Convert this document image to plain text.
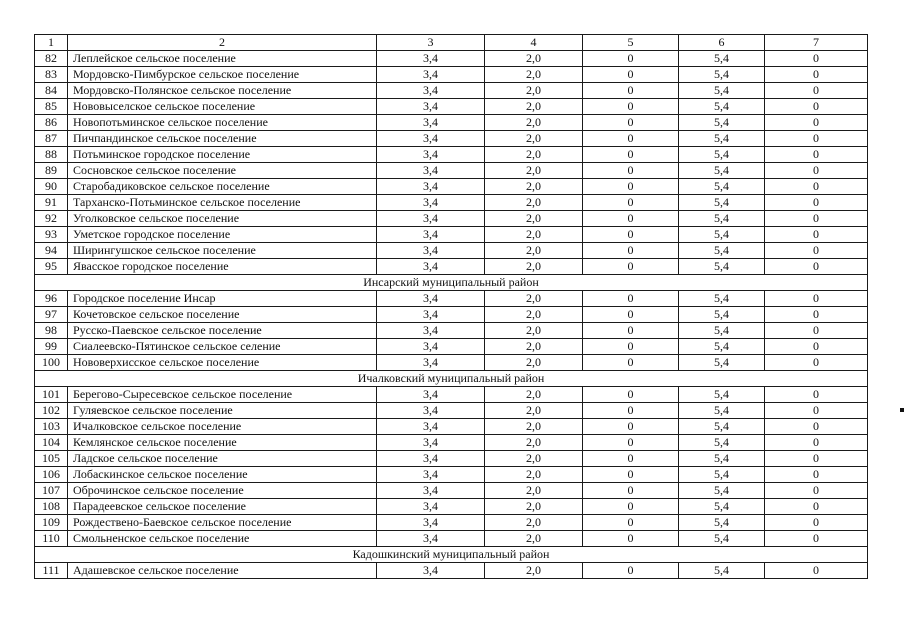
1	2	3	4	5	6	7
82	Леплейское сельское поселение	3,4	2,0	0	5,4	0
83	Мордовско-Пимбурское сельское поселение	3,4	2,0	0	5,4	0
84	Мордовско-Полянское сельское поселение	3,4	2,0	0	5,4	0
85	Нововыселское сельское поселение	3,4	2,0	0	5,4	0
86	Новопотьминское сельское поселение	3,4	2,0	0	5,4	0
87	Пичпандинское сельское поселение	3,4	2,0	0	5,4	0
88	Потьминское городское поселение	3,4	2,0	0	5,4	0
89	Сосновское сельское поселение	3,4	2,0	0	5,4	0
90	Старобадиковское сельское поселение	3,4	2,0	0	5,4	0
91	Тарханско-Потьминское сельское поселение	3,4	2,0	0	5,4	0
92	Уголковское сельское поселение	3,4	2,0	0	5,4	0
93	Уметское городское поселение	3,4	2,0	0	5,4	0
94	Ширингушское сельское поселение	3,4	2,0	0	5,4	0
95	Явасское городское поселение	3,4	2,0	0	5,4	0
Инсарский муниципальный район						
96	Городское поселение Инсар	3,4	2,0	0	5,4	0
97	Кочетовское сельское поселение	3,4	2,0	0	5,4	0
98	Русско-Паевское сельское поселение	3,4	2,0	0	5,4	0
99	Сиалеевско-Пятинское сельское селение	3,4	2,0	0	5,4	0
100	Нововерхисское сельское поселение	3,4	2,0	0	5,4	0
Ичалковский муниципальный район						
101	Берегово-Сыресевское сельское поселение	3,4	2,0	0	5,4	0
102	Гуляевское сельское поселение	3,4	2,0	0	5,4	0
103	Ичалковское сельское поселение	3,4	2,0	0	5,4	0
104	Кемлянское сельское поселение	3,4	2,0	0	5,4	0
105	Ладское сельское поселение	3,4	2,0	0	5,4	0
106	Лобаскинское сельское поселение	3,4	2,0	0	5,4	0
107	Оброчинское сельское поселение	3,4	2,0	0	5,4	0
108	Парадеевское сельское поселение	3,4	2,0	0	5,4	0
109	Рождествено-Баевское сельское поселение	3,4	2,0	0	5,4	0
110	Смольненское сельское поселение	3,4	2,0	0	5,4	0
Кадошкинский муниципальный район						
111	Адашевское сельское поселение	3,4	2,0	0	5,4	0
